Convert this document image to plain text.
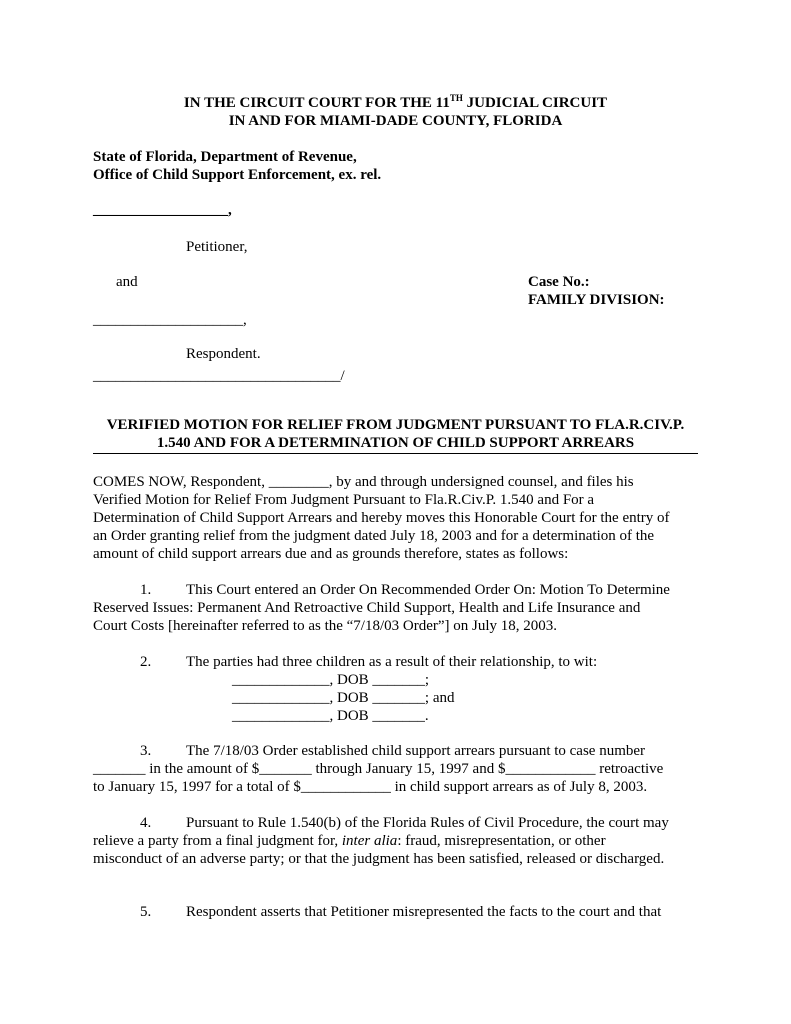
IN THE CIRCUIT COURT FOR THE 11TH JUDICIAL CIRCUIT
IN AND FOR MIAMI-DADE COUNTY, FLORIDA
State of Florida, Department of Revenue,
Office of Child Support Enforcement, ex. rel.
__________________,
Petitioner,
and	Case No.:
FAMILY DIVISION:
____________________,
Respondent.
_________________________________/
VERIFIED MOTION FOR RELIEF FROM JUDGMENT PURSUANT TO FLA.R.CIV.P.
1.540 AND FOR A DETERMINATION OF CHILD SUPPORT ARREARS
COMES NOW, Respondent, ________, by and through undersigned counsel, and files his
Verified Motion for Relief From Judgment Pursuant to Fla.R.Civ.P. 1.540 and For a
Determination of Child Support Arrears and hereby moves this Honorable Court for the entry of
an Order granting relief from the judgment dated July 18, 2003 and for a determination of the
amount of child support arrears due and as grounds therefore, states as follows:
1. This Court entered an Order On Recommended Order On: Motion To Determine
Reserved Issues: Permanent And Retroactive Child Support, Health and Life Insurance and
Court Costs [hereinafter referred to as the “7/18/03 Order”] on July 18, 2003.
2. The parties had three children as a result of their relationship, to wit:
_____________, DOB _______;
_____________, DOB _______; and
_____________, DOB _______.
3. The 7/18/03 Order established child support arrears pursuant to case number
_______ in the amount of $_______ through January 15, 1997 and $____________ retroactive
to January 15, 1997 for a total of $____________ in child support arrears as of July 8, 2003.
4. Pursuant to Rule 1.540(b) of the Florida Rules of Civil Procedure, the court may
relieve a party from a final judgment for, inter alia: fraud, misrepresentation, or other
misconduct of an adverse party; or that the judgment has been satisfied, released or discharged.
5. Respondent asserts that Petitioner misrepresented the facts to the court and that
